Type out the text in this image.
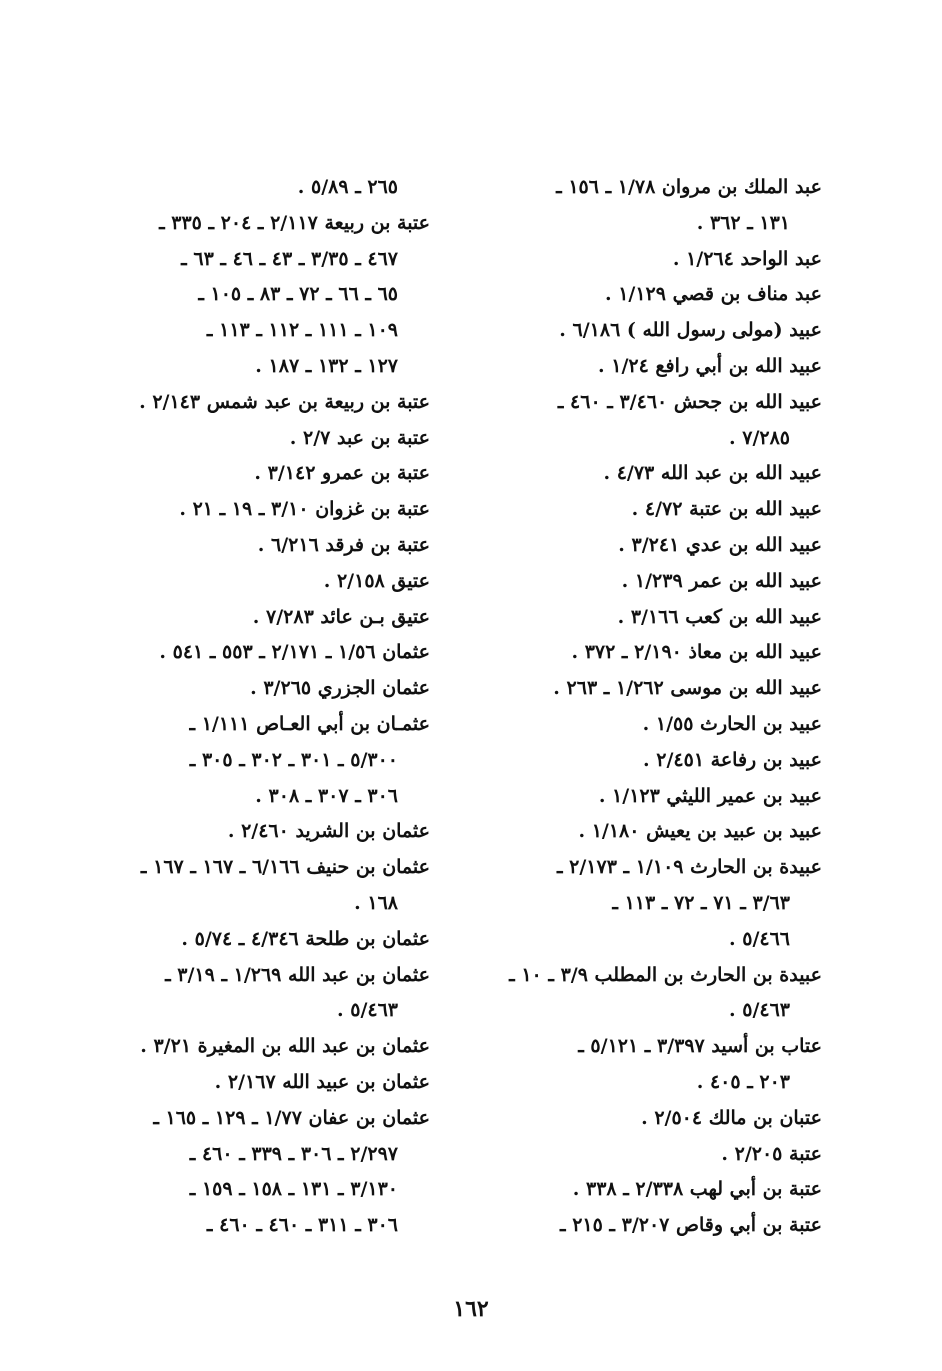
عبد الملك بن مروان ١/٧٨ ـ ١٥٦ ـ
١٣١ ـ ٣٦٢ .
عبد الواحد ١/٢٦٤ .
عبد مناف بن قصي ١/١٢٩ .
عبيد (مولى رسول الله ) ٦/١٨٦ .
عبيد الله بن أبي رافع ١/٢٤ .
عبيد الله بن جحش ٣/٤٦٠ ـ ٤٦٠ ـ
٧/٢٨٥ .
عبيد الله بن عبد الله ٤/٧٣ .
عبيد الله بن عتبة ٤/٧٢ .
عبيد الله بن عدي ٣/٢٤١ .
عبيد الله بن عمر ١/٢٣٩ .
عبيد الله بن كعب ٣/١٦٦ .
عبيد الله بن معاذ ٢/١٩٠ ـ ٣٧٢ .
عبيد الله بن موسى ١/٢٦٢ ـ ٢٦٣ .
عبيد بن الحارث ١/٥٥ .
عبيد بن رفاعة ٢/٤٥١ .
عبيد بن عمير الليثي ١/١٢٣ .
عبيد بن عبيد بن يعيش ١/١٨٠ .
عبيدة بن الحارث ١/١٠٩ ـ ٢/١٧٣ ـ
٣/٦٣ ـ ٧١ ـ ٧٢ ـ ١١٣ ـ
٥/٤٦٦ .
عبيدة بن الحارث بن المطلب ٣/٩ ـ ١٠ ـ
٥/٤٦٣ .
عتاب بن أسيد ٣/٣٩٧ ـ ٥/١٢١ ـ
٢٠٣ ـ ٤٠٥ .
عتبان بن مالك ٢/٥٠٤ .
عتبة ٢/٢٠٥ .
عتبة بن أبي لهب ٢/٣٣٨ ـ ٣٣٨ .
عتبة بن أبي وقاص ٣/٢٠٧ ـ ٢١٥ ـ
٢٦٥ ـ ٥/٨٩ .
عتبة بن ربيعة ٢/١١٧ ـ ٢٠٤ ـ ٣٣٥ ـ
٤٦٧ ـ ٣/٣٥ ـ ٤٣ ـ ٤٦ ـ ٦٣ ـ
٦٥ ـ ٦٦ ـ ٧٢ ـ ٨٣ ـ ١٠٥ ـ
١٠٩ ـ ١١١ ـ ١١٢ ـ ١١٣ ـ
١٢٧ ـ ١٣٢ ـ ١٨٧ .
عتبة بن ربيعة بن عبد شمس ٢/١٤٣ .
عتبة بن عبد ٢/٧ .
عتبة بن عمرو ٣/١٤٢ .
عتبة بن غزوان ٣/١٠ ـ ١٩ ـ ٢١ .
عتبة بن فرقد ٦/٢١٦ .
عتيق ٢/١٥٨ .
عتيق بـن عائد ٧/٢٨٣ .
عثمان ١/٥٦ ـ ٢/١٧١ ـ ٥٥٣ ـ ٥٤١ .
عثمان الجزري ٣/٢٦٥ .
عثمـان بن أبي العـاص ١/١١١ ـ
٥/٣٠٠ ـ ٣٠١ ـ ٣٠٢ ـ ٣٠٥ ـ
٣٠٦ ـ ٣٠٧ ـ ٣٠٨ .
عثمان بن الشريد ٢/٤٦٠ .
عثمان بن حنيف ٦/١٦٦ ـ ١٦٧ ـ ١٦٧ ـ
١٦٨ .
عثمان بن طلحة ٤/٣٤٦ ـ ٥/٧٤ .
عثمان بن عبد الله ١/٢٦٩ ـ ٣/١٩ ـ
٥/٤٦٣ .
عثمان بن عبد الله بن المغيرة ٣/٢١ .
عثمان بن عبيد الله ٢/١٦٧ .
عثمان بن عفان ١/٧٧ ـ ١٢٩ ـ ١٦٥ ـ
٢/٢٩٧ ـ ٣٠٦ ـ ٣٣٩ ـ ٤٦٠ ـ
٣/١٣٠ ـ ١٣١ ـ ١٥٨ ـ ١٥٩ ـ
٣٠٦ ـ ٣١١ ـ ٤٦٠ ـ ٤٦٠ ـ
١٦٢
